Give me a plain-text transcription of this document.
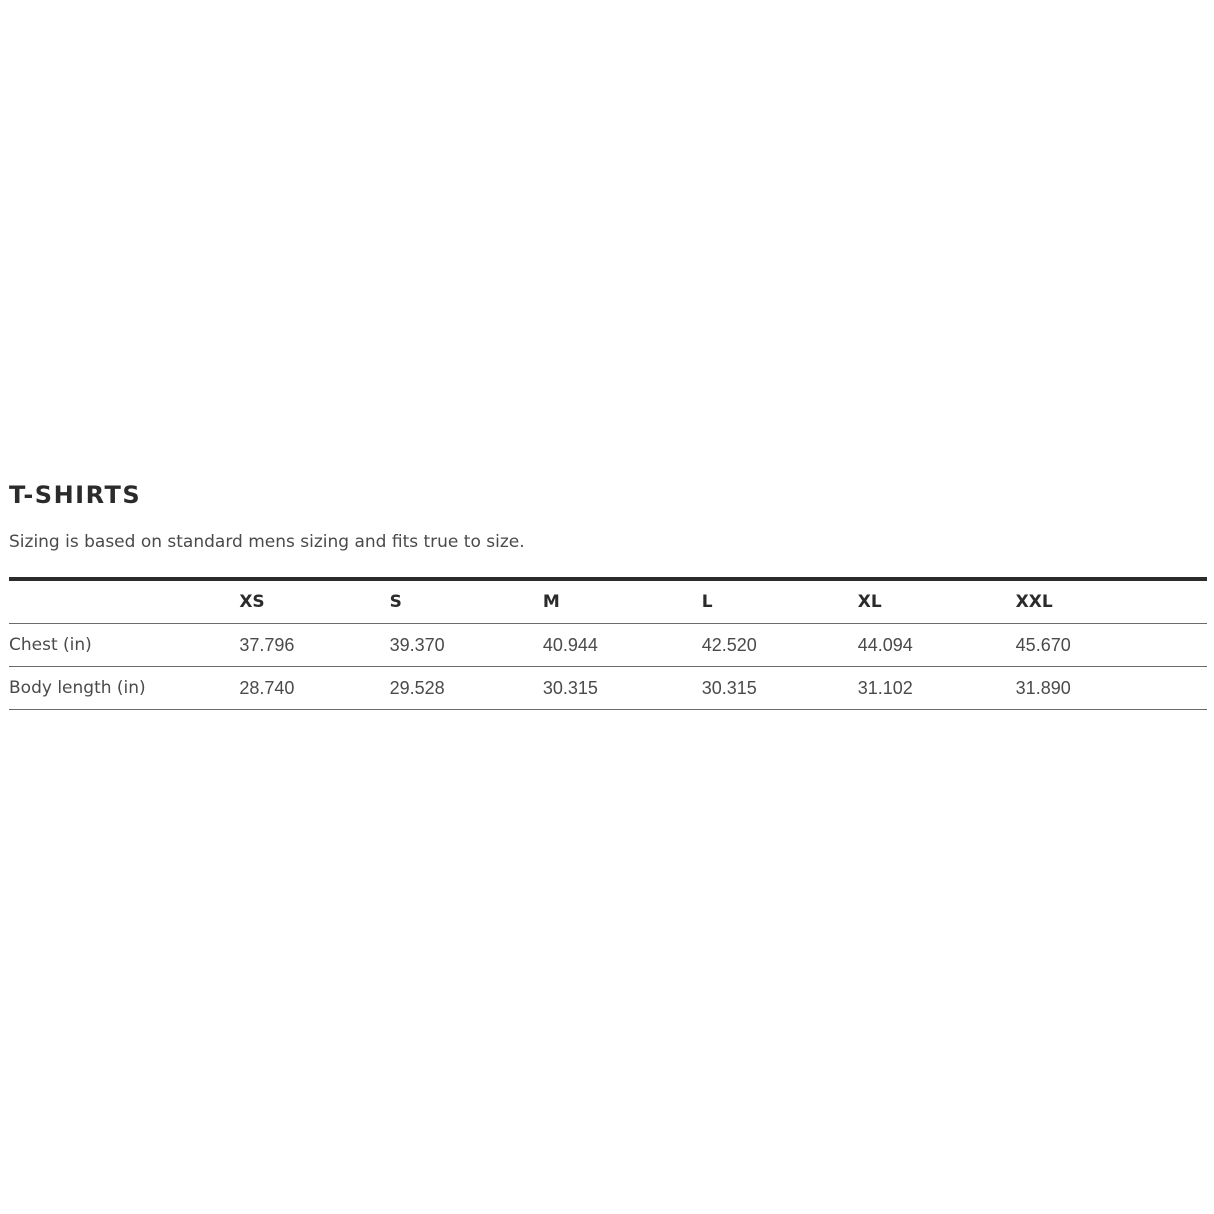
T-SHIRTS

Sizing is based on standard mens sizing and fits true to size.

	XS	S	M	L	XL	XXL
Chest (in)	37.796	39.370	40.944	42.520	44.094	45.670
Body length (in)	28.740	29.528	30.315	30.315	31.102	31.890
